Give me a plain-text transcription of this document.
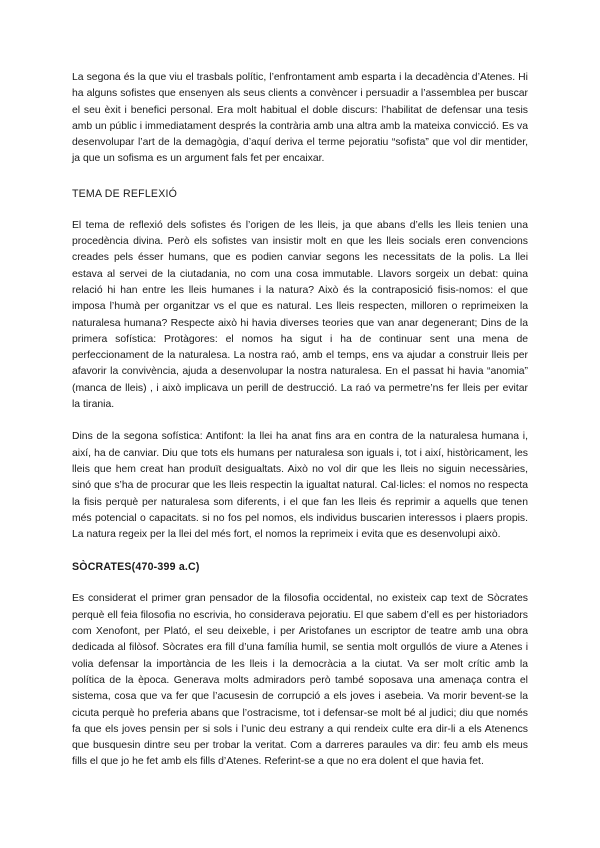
La segona és la que viu el trasbals polític, l’enfrontament amb esparta i la decadència d’Atenes. Hi ha alguns sofistes que ensenyen als seus clients a convèncer i persuadir a l’assemblea per buscar el seu èxit i benefici personal. Era molt habitual el doble discurs: l’habilitat de defensar una tesis amb un públic i immediatament després la contrària amb una altra amb la mateixa convicció. Es va desenvolupar l’art de la demagògia, d’aquí deriva el terme pejoratiu “sofista” que vol dir mentider, ja que un sofisma es un argument fals fet per encaixar.

TEMA DE REFLEXIÓ

El tema de reflexió dels sofistes és l’origen de les lleis, ja que abans d’ells les lleis tenien una procedència divina. Però els sofistes van insistir molt en que les lleis socials eren convencions creades pels ésser humans, que es podien canviar segons les necessitats de la polis. La llei estava al servei de la ciutadania, no com una cosa immutable. Llavors sorgeix un debat: quina relació hi han entre les lleis humanes i la natura? Això és la contraposició fisis-nomos: el que imposa l’humà per organitzar vs el que es natural. Les lleis respecten, milloren o reprimeixen la naturalesa humana? Respecte això hi havia diverses teories que van anar degenerant; Dins de la primera sofística: Protàgores: el nomos ha sigut i ha de continuar sent una mena de perfeccionament de la naturalesa. La nostra raó, amb el temps, ens va ajudar a construir lleis per afavorir la convivència, ajuda a desenvolupar la nostra naturalesa. En el passat hi havia “anomia” (manca de lleis) , i això implicava un perill de destrucció. La raó va permetre’ns fer lleis per evitar la tirania.

Dins de la segona sofística: Antifont: la llei ha anat fins ara en contra de la naturalesa humana i, així, ha de canviar. Diu que tots els humans per naturalesa son iguals i, tot i així, històricament, les lleis que hem creat han produït desigualtats. Això no vol dir que les lleis no siguin necessàries, sinó que s’ha de procurar que les lleis respectin la igualtat natural. Cal·licles: el nomos no respecta la fisis perquè per naturalesa som diferents, i el que fan les lleis és reprimir a aquells que tenen més potencial o capacitats. si no fos pel nomos, els individus buscarien interessos i plaers propis. La natura regeix per la llei del més fort, el nomos la reprimeix i evita que es desenvolupi això.

SÒCRATES(470-399 a.C)

Es considerat el primer gran pensador de la filosofia occidental, no existeix cap text de Sòcrates perquè ell feia filosofia no escrivia, ho considerava pejoratiu. El que sabem d’ell es per historiadors com Xenofont, per Plató, el seu deixeble, i per Aristofanes un escriptor de teatre amb una obra dedicada al filòsof. Sòcrates era fill d’una família humil, se sentia molt orgullós de viure a Atenes i volia defensar la importància de les lleis i la democràcia a la ciutat. Va ser molt crític amb la política de la època. Generava molts admiradors però també soposava una amenaça contra el sistema, cosa que va fer que l’acusesin de corrupció a els joves i asebeia. Va morir bevent-se la cicuta perquè ho preferia abans que l’ostracisme, tot i defensar-se molt bé al judici; diu que només fa que els joves pensin per si sols i l’unic deu estrany a qui rendeix culte era dir-li a els Atenencs que busquesin dintre seu per trobar la veritat. Com a darreres paraules va dir: feu amb els meus fills el que jo he fet amb els fills d’Atenes. Referint-se a que no era dolent el que havia fet.
